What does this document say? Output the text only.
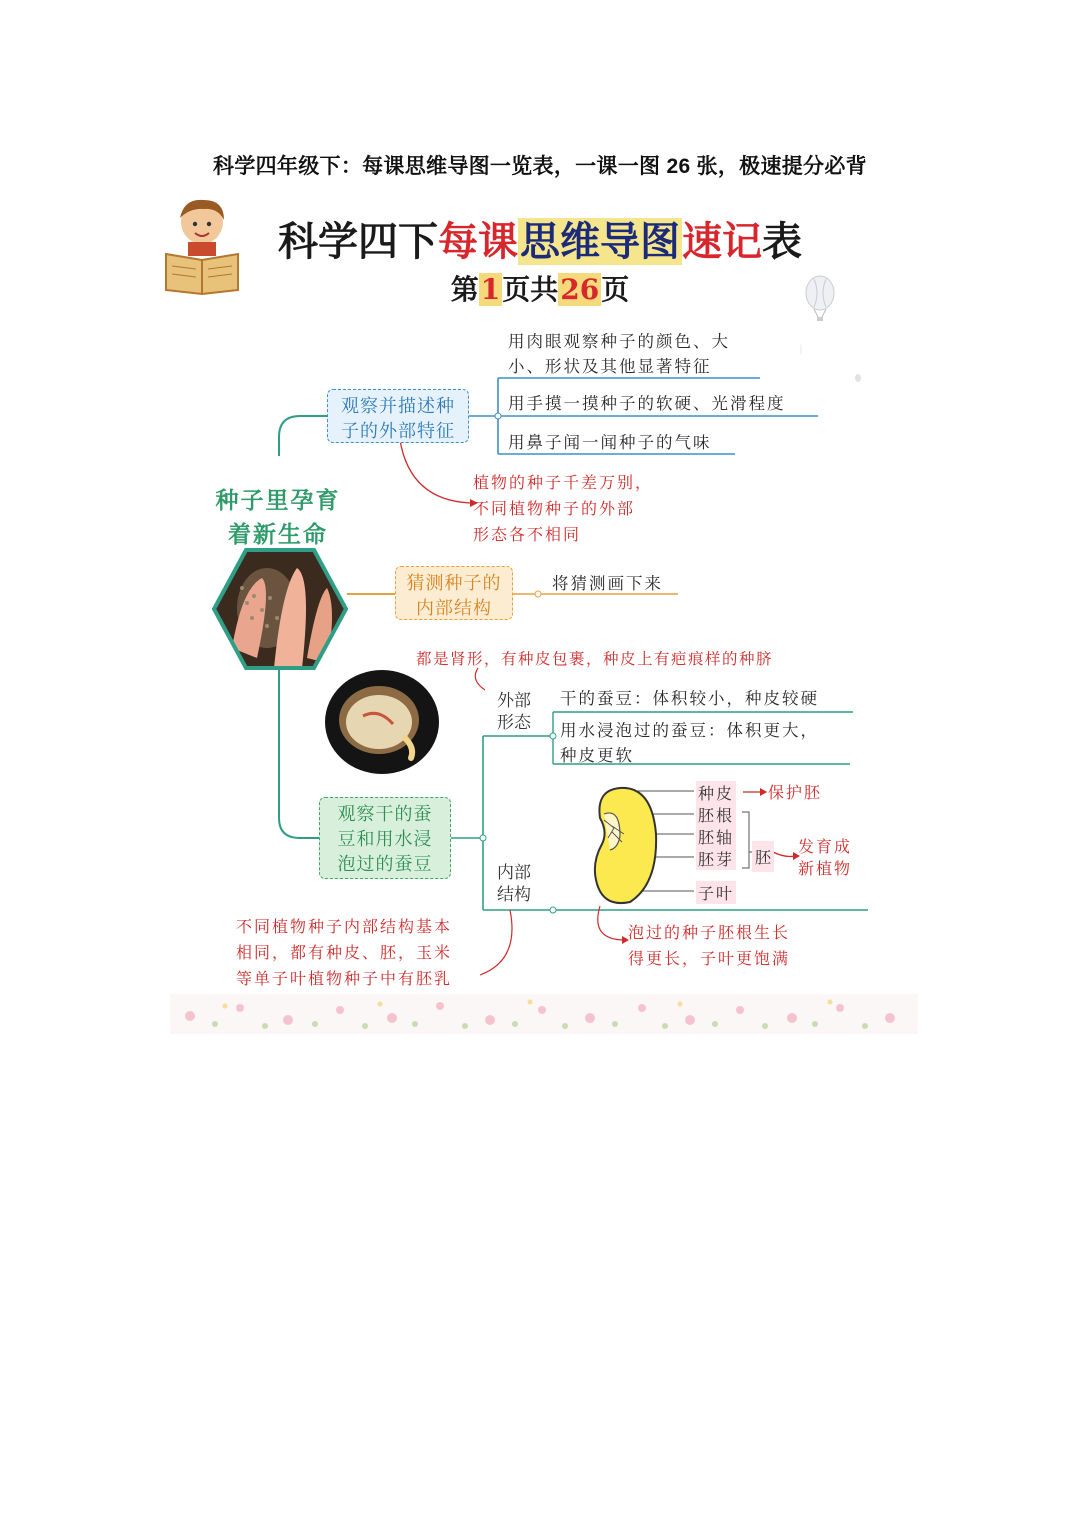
科学四年级下：每课思维导图一览表，一课一图 26 张，极速提分必背
科学四下每课思维导图速记表
第1页共26页
种子里孕育
着新生命
观察并描述种
子的外部特征
用肉眼观察种子的颜色、大
小、形状及其他显著特征
用手摸一摸种子的软硬、光滑程度
用鼻子闻一闻种子的气味
植物的种子千差万别，
不同植物种子的外部
形态各不相同
猜测种子的
内部结构
将猜测画下来
观察干的蚕
豆和用水浸
泡过的蚕豆
都是肾形，有种皮包裹，种皮上有疤痕样的种脐
外部
形态
干的蚕豆：体积较小，种皮较硬
用水浸泡过的蚕豆：体积更大，
种皮更软
内部
结构
种皮
胚根
胚轴
胚芽
子叶
胚
保护胚
发育成
新植物
泡过的种子胚根生长
得更长，子叶更饱满
不同植物种子内部结构基本
相同，都有种皮、胚，玉米
等单子叶植物种子中有胚乳
